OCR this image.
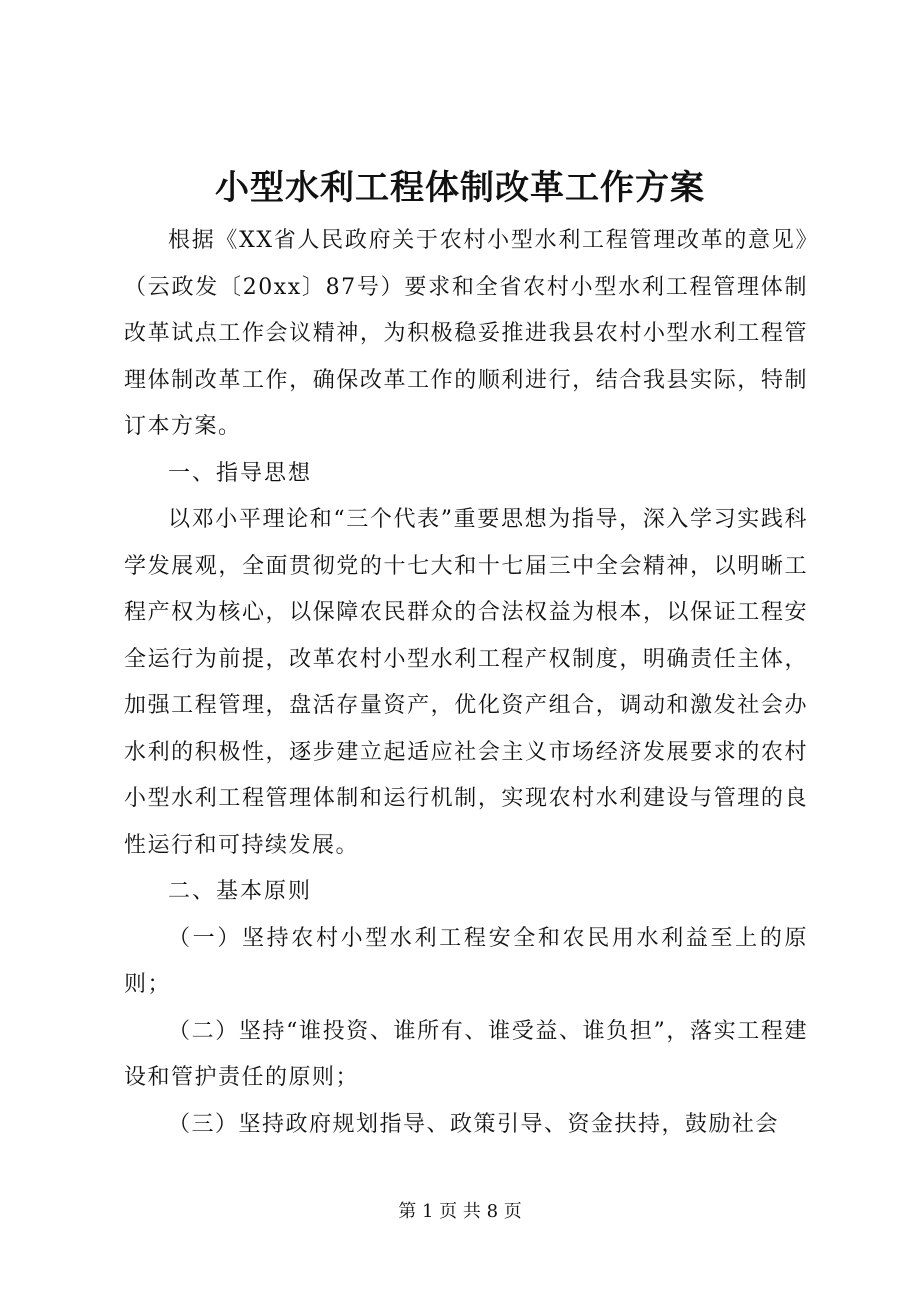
小型水利工程体制改革工作方案

根据《XX省人民政府关于农村小型水利工程管理改革的意见》（云政发〔20xx〕87号）要求和全省农村小型水利工程管理体制改革试点工作会议精神，为积极稳妥推进我县农村小型水利工程管理体制改革工作，确保改革工作的顺利进行，结合我县实际，特制订本方案。

一、指导思想

以邓小平理论和“三个代表”重要思想为指导，深入学习实践科学发展观，全面贯彻党的十七大和十七届三中全会精神，以明晰工程产权为核心，以保障农民群众的合法权益为根本，以保证工程安全运行为前提，改革农村小型水利工程产权制度，明确责任主体，加强工程管理，盘活存量资产，优化资产组合，调动和激发社会办水利的积极性，逐步建立起适应社会主义市场经济发展要求的农村小型水利工程管理体制和运行机制，实现农村水利建设与管理的良性运行和可持续发展。

二、基本原则

（一）坚持农村小型水利工程安全和农民用水利益至上的原则；

（二）坚持“谁投资、谁所有、谁受益、谁负担”，落实工程建设和管护责任的原则；

（三）坚持政府规划指导、政策引导、资金扶持，鼓励社会

第 1 页 共 8 页
